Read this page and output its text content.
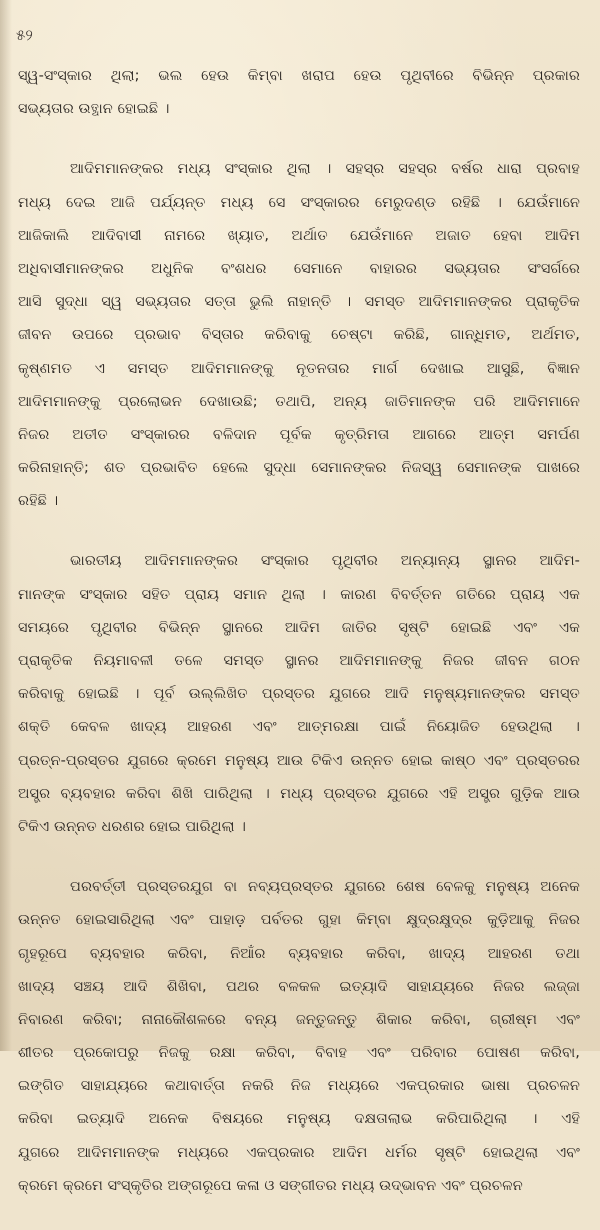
୫୨
ସ୍ୱ-ସଂସ୍କାର ଥିଲା; ଭଲ ହେଉ କିମ୍ବା ଖରାପ ହେଉ ପୃଥିବୀରେ ବିଭିନ୍ନ ପ୍ରକାର
ସଭ୍ୟତାର ଉତ୍ଥାନ ହୋଇଛି ।
ଆଦିମମାନଙ୍କର ମଧ୍ୟ ସଂସ୍କାର ଥିଲା । ସହସ୍ର ସହସ୍ର ବର୍ଷର ଧାରା ପ୍ରବାହ
ମଧ୍ୟ ଦେଇ ଆଜି ପର୍ଯ୍ୟନ୍ତ ମଧ୍ୟ ସେ ସଂସ୍କାରର ମେରୁଦଣ୍ଡ ରହିଛି । ଯେଉଁମାନେ
ଆଜିକାଲି ଆଦିବାସୀ ନାମରେ ଖ୍ୟାତ, ଅର୍ଥାତ ଯେଉଁମାନେ ଅଜାତ ହେବା ଆଦିମ
ଅଧିବାସୀମାନଙ୍କର ଅଧୁନିକ ବଂଶଧର ସେମାନେ ବାହାରର ସଭ୍ୟତାର ସଂସର୍ଗରେ
ଆସି ସୁଦ୍ଧା ସ୍ୱ ସଭ୍ୟତାର ସତ୍ତା ଭୁଲି ନାହାନ୍ତି । ସମସ୍ତ ଆଦିମମାନଙ୍କର ପ୍ରାକୃତିକ
ଜୀବନ ଉପରେ ପ୍ରଭାବ ବିସ୍ତାର କରିବାକୁ ଚେଷ୍ଟା କରିଛି, ଗାନ୍ଧିମତ, ଅର୍ଥମତ,
କୃଷ୍ଣମତ ଏ ସମସ୍ତ ଆଦିମମାନଙ୍କୁ ନୂତନତାର ମାର୍ଗ ଦେଖାଇ ଆସୁଛି, ବିଜ୍ଞାନ
ଆଦିମମାନଙ୍କୁ ପ୍ରଲୋଭନ ଦେଖାଉଛି; ତଥାପି, ଅନ୍ୟ ଜାତିମାନଙ୍କ ପରି ଆଦିମମାନେ
ନିଜର ଅତୀତ ସଂସ୍କାରର ବଳିଦାନ ପୂର୍ବକ କୃତ୍ରିମତା ଆଗରେ ଆତ୍ମ ସମର୍ପଣ
କରିନାହାନ୍ତି; ଶତ ପ୍ରଭାବିତ ହେଲେ ସୁଦ୍ଧା ସେମାନଙ୍କର ନିଜସ୍ୱ ସେମାନଙ୍କ ପାଖରେ
ରହିଛି ।
ଭାରତୀୟ ଆଦିମମାନଙ୍କର ସଂସ୍କାର ପୃଥିବୀର ଅନ୍ୟାନ୍ୟ ସ୍ଥାନର ଆଦିମ-
ମାନଙ୍କ ସଂସ୍କାର ସହିତ ପ୍ରାୟ ସମାନ ଥିଲା । କାରଣ ବିବର୍ତ୍ତନ ଗତିରେ ପ୍ରାୟ ଏକ
ସମୟରେ ପୃଥିବୀର ବିଭିନ୍ନ ସ୍ଥାନରେ ଆଦିମ ଜାତିର ସୃଷ୍ଟି ହୋଇଛି ଏବଂ ଏକ
ପ୍ରାକୃତିକ ନିୟମାବଳୀ ତଳେ ସମସ୍ତ ସ୍ଥାନର ଆଦିମମାନଙ୍କୁ ନିଜର ଜୀବନ ଗଠନ
କରିବାକୁ ହୋଇଛି । ପୂର୍ବ ଉଲ୍ଲିଖିତ ପ୍ରସ୍ତର ଯୁଗରେ ଆଦି ମନୁଷ୍ୟମାନଙ୍କର ସମସ୍ତ
ଶକ୍ତି କେବଳ ଖାଦ୍ୟ ଆହରଣ ଏବଂ ଆତ୍ମରକ୍ଷା ପାଇଁ ନିୟୋଜିତ ହେଉଥିଲା ।
ପ୍ରତ୍ନ-ପ୍ରସ୍ତର ଯୁଗରେ କ୍ରମେ ମନୁଷ୍ୟ ଆଉ ଟିକିଏ ଉନ୍ନତ ହୋଇ କାଷ୍ଠ ଏବଂ ପ୍ରସ୍ତରର
ଅସ୍ତ୍ର ବ୍ୟବହାର କରିବା ଶିଖି ପାରିଥିଲା । ମଧ୍ୟ ପ୍ରସ୍ତର ଯୁଗରେ ଏହି ଅସ୍ତ୍ର ଗୁଡ଼ିକ ଆଉ
ଟିକିଏ ଉନ୍ନତ ଧରଣର ହୋଇ ପାରିଥିଲା ।
ପରବର୍ତ୍ତୀ ପ୍ରସ୍ତରଯୁଗ ବା ନବ୍ୟପ୍ରସ୍ତର ଯୁଗରେ ଶେଷ ବେଳକୁ ମନୁଷ୍ୟ ଅନେକ
ଉନ୍ନତ ହୋଇସାରିଥିଲା ଏବଂ ପାହାଡ଼ ପର୍ବତର ଗୁହା କିମ୍ବା କ୍ଷୁଦ୍ରକ୍ଷୁଦ୍ର କୁଡ଼ିଆକୁ ନିଜର
ଗୃହରୂପେ ବ୍ୟବହାର କରିବା, ନିଆଁର ବ୍ୟବହାର କରିବା, ଖାଦ୍ୟ ଆହରଣ ତଥା
ଖାଦ୍ୟ ସଞ୍ଚୟ ଆଦି ଶିଖିବା, ପଥର ବଳକଳ ଇତ୍ୟାଦି ସାହାଯ୍ୟରେ ନିଜର ଲଜ୍ଜା
ନିବାରଣ କରିବା; ନାନାକୌଶଳରେ ବନ୍ୟ ଜନ୍ତୁଜନ୍ତୁ ଶିକାର କରିବା, ଗ୍ରୀଷ୍ମ ଏବଂ
ଶୀତର ପ୍ରକୋପରୁ ନିଜକୁ ରକ୍ଷା କରିବା, ବିବାହ ଏବଂ ପରିବାର ପୋଷଣ କରିବା,
ଇଙ୍ଗିତ ସାହାଯ୍ୟରେ କଥାବାର୍ତ୍ତା ନକରି ନିଜ ମଧ୍ୟରେ ଏକପ୍ରକାର ଭାଷା ପ୍ରଚଳନ
କରିବା ଇତ୍ୟାଦି ଅନେକ ବିଷୟରେ ମନୁଷ୍ୟ ଦକ୍ଷତାଲାଭ କରିପାରିଥିଲା । ଏହି
ଯୁଗରେ ଆଦିମମାନଙ୍କ ମଧ୍ୟରେ ଏକପ୍ରକାର ଆଦିମ ଧର୍ମର ସୃଷ୍ଟି ହୋଇଥିଲା ଏବଂ
କ୍ରମେ କ୍ରମେ ସଂସ୍କୃତିର ଅଙ୍ଗରୂପେ କଳା ଓ ସଙ୍ଗୀତର ମଧ୍ୟ ଉଦ୍ଭାବନ ଏବଂ ପ୍ରଚଳନ
